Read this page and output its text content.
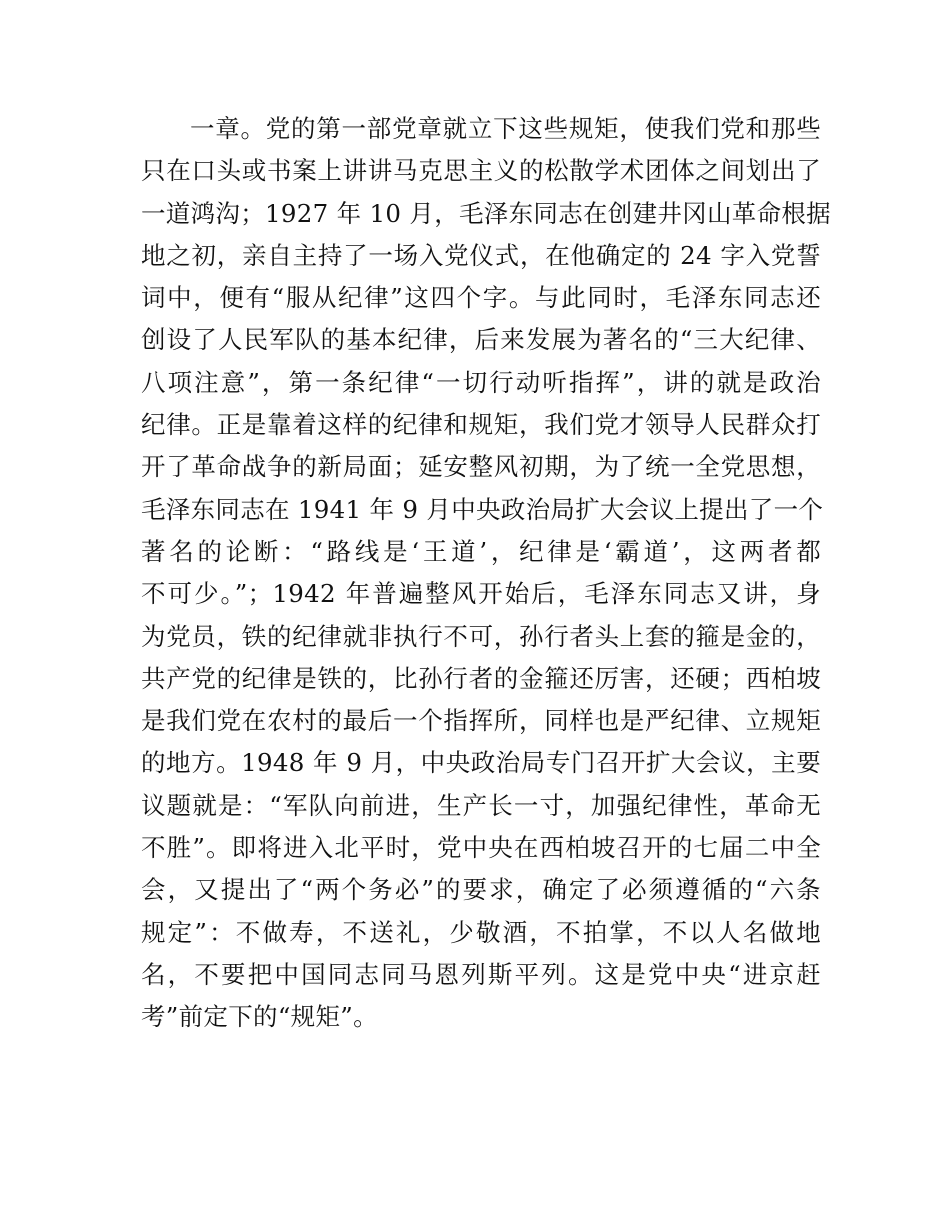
一章。党的第一部党章就立下这些规矩，使我们党和那些
只在口头或书案上讲讲马克思主义的松散学术团体之间划出了
一道鸿沟；1927 年 10 月，毛泽东同志在创建井冈山革命根据
地之初，亲自主持了一场入党仪式，在他确定的 24 字入党誓
词中，便有“服从纪律”这四个字。与此同时，毛泽东同志还
创设了人民军队的基本纪律，后来发展为著名的“三大纪律、
八项注意”，第一条纪律“一切行动听指挥”，讲的就是政治
纪律。正是靠着这样的纪律和规矩，我们党才领导人民群众打
开了革命战争的新局面；延安整风初期，为了统一全党思想，
毛泽东同志在 1941 年 9 月中央政治局扩大会议上提出了一个
著名的论断：“路线是‘王道’，纪律是‘霸道’，这两者都
不可少。”；1942 年普遍整风开始后，毛泽东同志又讲，身
为党员，铁的纪律就非执行不可，孙行者头上套的箍是金的，
共产党的纪律是铁的，比孙行者的金箍还厉害，还硬；西柏坡
是我们党在农村的最后一个指挥所，同样也是严纪律、立规矩
的地方。1948 年 9 月，中央政治局专门召开扩大会议，主要
议题就是：“军队向前进，生产长一寸，加强纪律性，革命无
不胜”。即将进入北平时，党中央在西柏坡召开的七届二中全
会，又提出了“两个务必”的要求，确定了必须遵循的“六条
规定”：不做寿，不送礼，少敬酒，不拍掌，不以人名做地
名，不要把中国同志同马恩列斯平列。这是党中央“进京赶
考”前定下的“规矩”。
